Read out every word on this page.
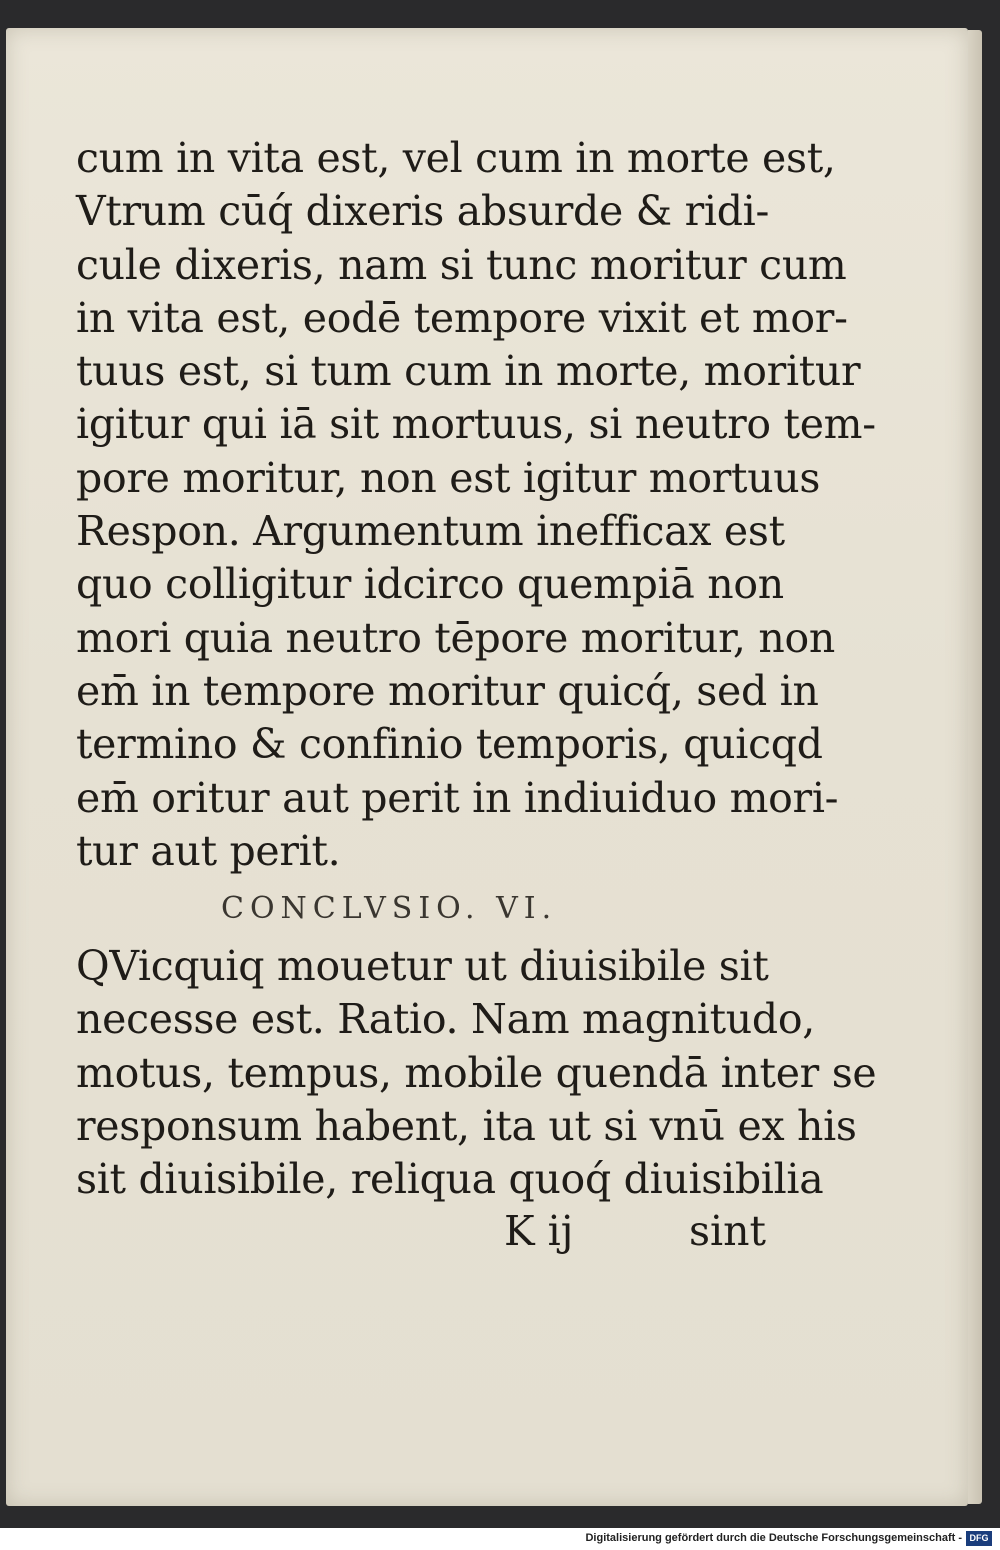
cum in vita est, vel cum in morte est,
Vtrum cūq́ dixeris absurde & ridi-
cule dixeris, nam si tunc moritur cum
in vita est, eodē tempore vixit et mor-
tuus est, si tum cum in morte, moritur
igitur qui iā sit mortuus, si neutro tem-
pore moritur, non est igitur mortuus
Respon. Argumentum inefficax est
quo colligitur idcirco quempiā non
mori quia neutro tēpore moritur, non
em̄ in tempore moritur quicq́, sed in
termino & confinio temporis, quicqd
em̄ oritur aut perit in indiuiduo mori-
tur aut perit.
CONCLVSIO. VI.
QVicquiq mouetur ut diuisibile sit
necesse est. Ratio. Nam magnitudo,
motus, tempus, mobile quendā inter se
responsum habent, ita ut si vnū ex his
sit diuisibile, reliqua quoq́ diuisibilia
K ij	sint
Digitalisierung gefördert durch die Deutsche Forschungsgemeinschaft - DFG
